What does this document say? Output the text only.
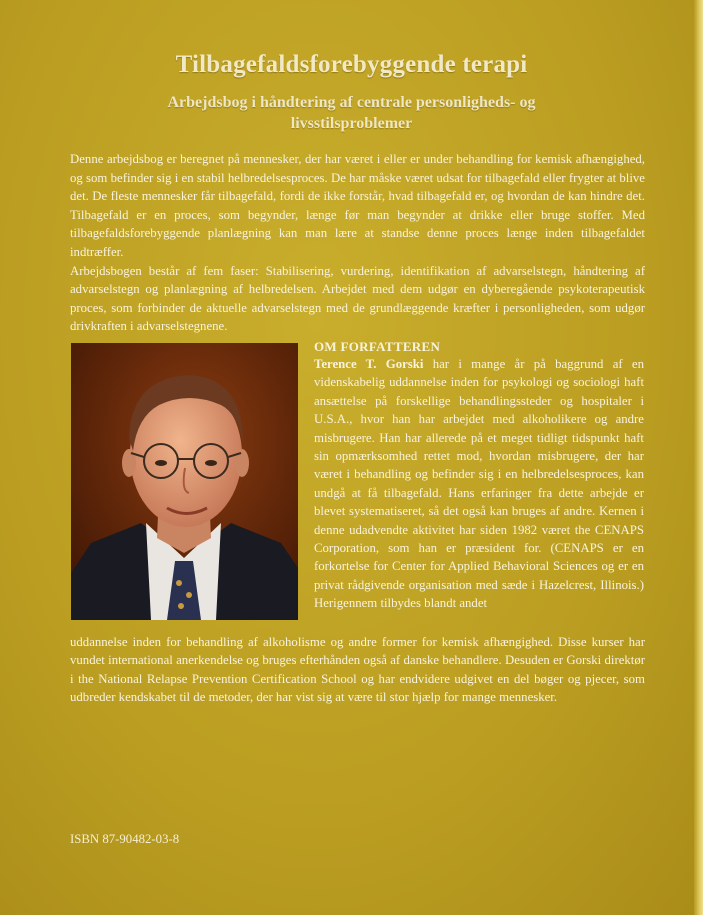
Tilbagefaldsforebyggende terapi
Arbejdsbog i håndtering af centrale personligheds- og livsstilsproblemer

Denne arbejdsbog er beregnet på mennesker, der har været i eller er under behandling for kemisk afhængighed, og som befinder sig i en stabil helbredelsesproces. De har måske været udsat for tilbagefald eller frygter at blive det. De fleste mennesker får tilbagefald, fordi de ikke forstår, hvad tilbagefald er, og hvordan de kan hindre det. Tilbagefald er en proces, som begynder, længe før man begynder at drikke eller bruge stoffer. Med tilbagefaldsforebyggende planlægning kan man lære at standse denne proces længe inden tilbagefaldet indtræffer.

Arbejdsbogen består af fem faser: Stabilisering, vurdering, identifikation af advarselstegn, håndtering af advarselstegn og planlægning af helbredelsen. Arbejdet med dem udgør en dyberegående psykoterapeutisk proces, som forbinder de aktuelle advarselstegn med de grundlæggende kræfter i personligheden, som udgør drivkraften i advarselstegnene.

OM FORFATTEREN

Terence T. Gorski har i mange år på baggrund af en videnskabelig uddannelse inden for psykologi og sociologi haft ansættelse på forskellige behandlingssteder og hospitaler i U.S.A., hvor han har arbejdet med alkoholikere og andre misbrugere. Han har allerede på et meget tidligt tidspunkt haft sin opmærksomhed rettet mod, hvordan misbrugere, der har været i behandling og befinder sig i en helbredelsesproces, kan undgå at få tilbagefald. Hans erfaringer fra dette arbejde er blevet systematiseret, så det også kan bruges af andre. Kernen i denne udadvendte aktivitet har siden 1982 været the CENAPS Corporation, som han er præsident for. (CENAPS er en forkortelse for Center for Applied Behavioral Sciences og er en privat rådgivende organisation med sæde i Hazelcrest, Illinois.) Herigennem tilbydes blandt andet

uddannelse inden for behandling af alkoholisme og andre former for kemisk afhængighed. Disse kurser har vundet international anerkendelse og bruges efterhånden også af danske behandlere. Desuden er Gorski direktør i the National Relapse Prevention Certification School og har endvidere udgivet en del bøger og pjecer, som udbreder kendskabet til de metoder, der har vist sig at være til stor hjælp for mange mennesker.

ISBN 87-90482-03-8
